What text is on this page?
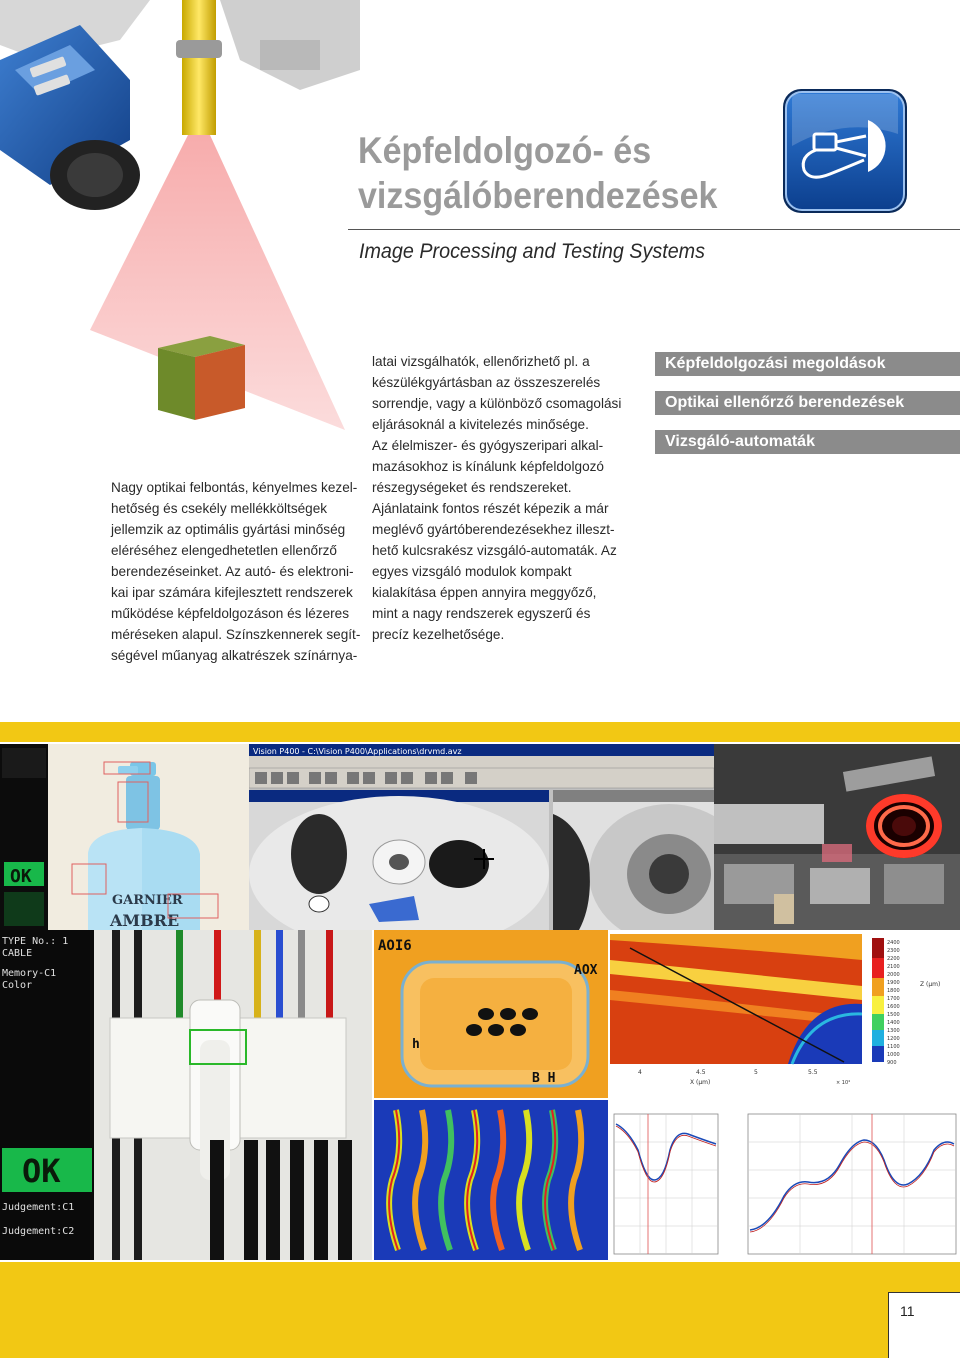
Képfeldolgozó- és
vizsgálóberendezések
Image Processing and Testing Systems
Nagy optikai felbontás, kényelmes kezel-
hetőség és csekély mellékköltségek
jellemzik az optimális gyártási minőség
eléréséhez elengedhetetlen ellenőrző
berendezéseinket. Az autó- és elektroni-
kai ipar számára kifejlesztett rendszerek
működése képfeldolgozáson és lézeres
méréseken alapul. Színszkennerek segít-
ségével műanyag alkatrészek színárnya-
latai vizsgálhatók, ellenőrizhető pl. a
készülékgyártásban az összeszerelés
sorrendje, vagy a különböző csomagolási
eljárásoknál a kivitelezés minősége.
Az élelmiszer- és gyógyszeripari alkal-
mazásokhoz is kínálunk képfeldolgozó
részegységeket és rendszereket.
Ajánlataink fontos részét képezik a már
meglévő gyártóberendezésekhez illeszt-
hető kulcsrakész vizsgáló-automaták. Az
egyes vizsgáló modulok kompakt
kialakítása éppen annyira meggyőző,
mint a nagy rendszerek egyszerű és
precíz kezelhetősége.
Képfeldolgozási megoldások
Optikai ellenőrző berendezések
Vizsgáló-automaták
OK
GARNIER
AMBRE
Vision P400 - C:\Vision P400\Applications\drvmd.avz
TYPE No.: 1
CABLE
Memory-C1
Color
OK
Judgement:C1
Judgement:C2
AOI6
AOX
h
B H
2400
2300
2200
2100
2000
1900
1800
1700
1600
1500
1400
1300
1200
1100
1000
900
Z (µm)
4	4.5	5	5.5
X (µm)	× 10⁴
11
